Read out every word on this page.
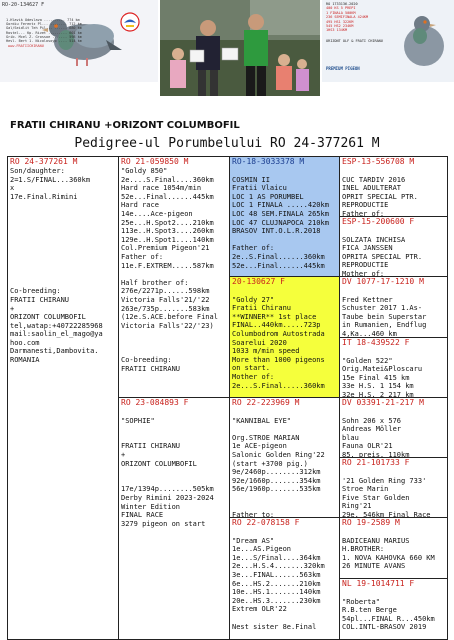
RO-20-134627 F
1.Hlavik Odeslava .......... 774 km
Gordiu Ferentz Pl... ........ 712 km
Gal/Seidlit Teh Pil... ...... 680 km
Rostel... Kp. Rivet ......... 601 km
Grib. Mcel Z. Grossoe ....... 598 km
Hevl. Bert 1. Nicolosoyo .... 514 km
www.FRATIICHIRANU
RO 1733136-2020
400 KS 5 PREPI
1 FINALA 500KM
236 SEMIFINALA 424KM
495 HS1 322KM
545 HS2 234KM
1HS3 134KM
ORIZONT OLF & FRATI CHIRANU
PREMIUM PIGEON
FRATII CHIRANU +ORIZONT COLUMBOFIL
Pedigree-ul Porumbelului RO 24-377261 M
RO 24-377261 M
Son/daughter:
2=1.S/FINAL...360km
x
17e.Final.Rimini
Co-breeding:
FRATII CHIRANU
+
ORIZONT COLUMBOFIL
tel,watap:+40722285968
mail:saolin_el_mago@ya
hoo.com
Darmanesti,Dambovita.
ROMANIA
RO 21-059850 M
"Goldy 850"
2e....S.Final....360km
Hard race 1054m/min
52e...Final......445km
Hard race
14e....Ace-pigeon
25e...H.Spot2....210km
113e..H.Spot3....260km
129e..H.Spot1....140km
Col.Premium Pigeon'21
Father of:
11e.F.EXTREM.....587km
Half brother of:
276e/2271p......598km
Victoria Falls'21/'22
263e/735p.......583km
(12e.S.ACE.before Final
Victoria Falls'22/'23)
Co-breeding:
FRATII CHIRANU
RO 23-084893 F
"SOPHIE"
FRATII CHIRANU
+
ORIZONT COLUMBOFIL
17e/1394p........505km
Derby Rimini 2023-2024
Winter Edition
FINAL RACE
3279 pigeon on start
RO-18-3033378 M
COSMIN II
Fratii Vlaicu
LOC 1 AS PORUMBEL
LOC 1 FINALA .....420km
LOC 48 SEM.FINALA 265km
LOC 47 CLUJNAPOCA 210km
BRASOV INT.O.L.R.2018
Father of:
2e..S.Final......360km
52e...Final......445km
20-130627 F
"Goldy 27"
Fratii Chiranu
**WINNER** 1st place
FINAL..440km.....723p
Columbodrom Autostrada
Soarelui 2020
1033 m/min speed
More than 1000 pigeons
on start.
Mother of:
2e...S.Final.....360km
RO 22-223969 M
"KANNIBAL EYE"
Org.STROE MARIAN
1e ACE-pigeon
Salonic Golden Ring'22
(start +3700 pig.)
9e/2460p........312km
92e/1660p.......354km
56e/1960p.......535km
Father to:
RO 22-078158 F
"Dream AS"
1e...AS.Pigeon
1e...S/Final....364km
2e...H.S.4.......320km
3e...FINAL......563km
6e...HS.2.......210km
10e..HS.1.......140km
20e..HS.3.......230km
Extrem OLR'22
Nest sister 8e.Final
ESP-13-556708 M
CUC TARDIV 2016
INEL ADULTERAT
OPRIT SPECIAL PTR.
REPRODUCTIE
Father of:
ESP-15-200600 F
SOLZATA INCHISA
FICA JANSSEN
OPRITA SPECIAL PTR.
REPRODUCTIE
Mother of:
DV 1077-17-1210 M
Fred Kettner
Schuster 2017 1.As-
Taube bein Superstar
in Rumanien, Endflug
4,Ka...460 km
IT 18-439522 F
"Golden 522"
Orig.Matei&Ploscaru
15e Final 415 km
33e H.S. 1 154 km
32e H.S. 2 217 km
DV 03391-21-217 M
Sohn 206 x 576
Andreas Möller
blau
Fauna OLR'21
85. preis. 110km
RO 21-101733 F
'21 Golden Ring 733'
Stroe Marin
Five Star Golden
Ring'21
29e. 546km Final Race
RO 19-2589 M
BADICEANU MARIUS
H.BROTHER:
1. NOVA KAHOVKA 660 KM
26 MINUTE AVANS
NL 19-1014711 F
"Roberta"
R.B.ten Berge
54pl...FINAL R...450km
COL.INTL-BRASOV 2019
